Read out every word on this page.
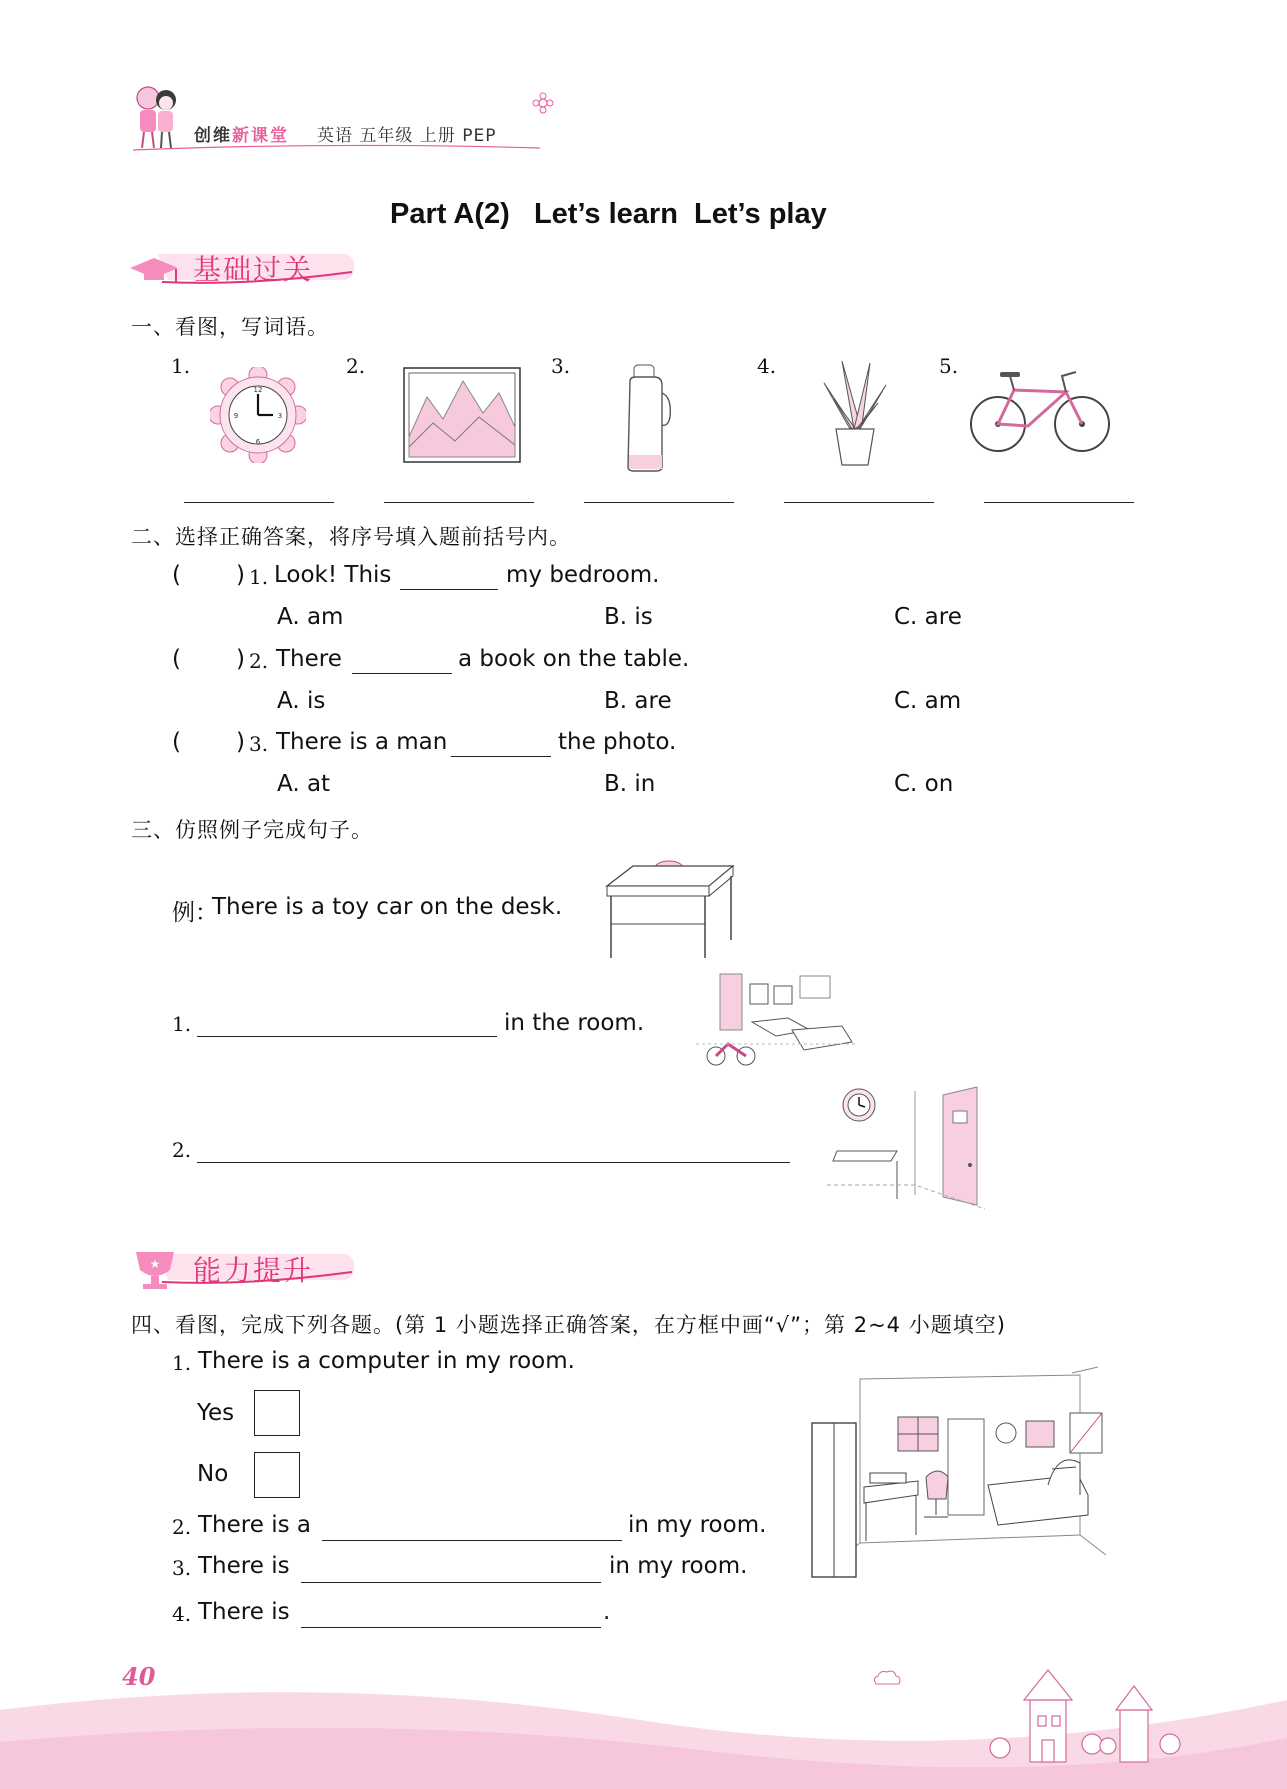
创维新课堂 英语 五年级 上册 PEP
Part A(2)   Let’s learn  Let’s play
基础过关
一、看图，写词语。
1.	2.	3.	4.	5.
12
3
6
9
二、选择正确答案，将序号填入题前括号内。
( ) 1. Look! This	my bedroom.
A. am	B. is	C. are
( ) 2. There	a book on the table.
A. is	B. are	C. am
( ) 3. There is a man	the photo.
A. at	B. in	C. on
三、仿照例子完成句子。
例：
There is a toy car on the desk.
1.	in the room.
2.
★ 能力提升
四、看图，完成下列各题。(第 1 小题选择正确答案，在方框中画“√”；第 2~4 小题填空)
1. There is a computer in my room.
Yes
No
2. There is a	in my room.
3. There is	in my room.
4. There is	.
40
